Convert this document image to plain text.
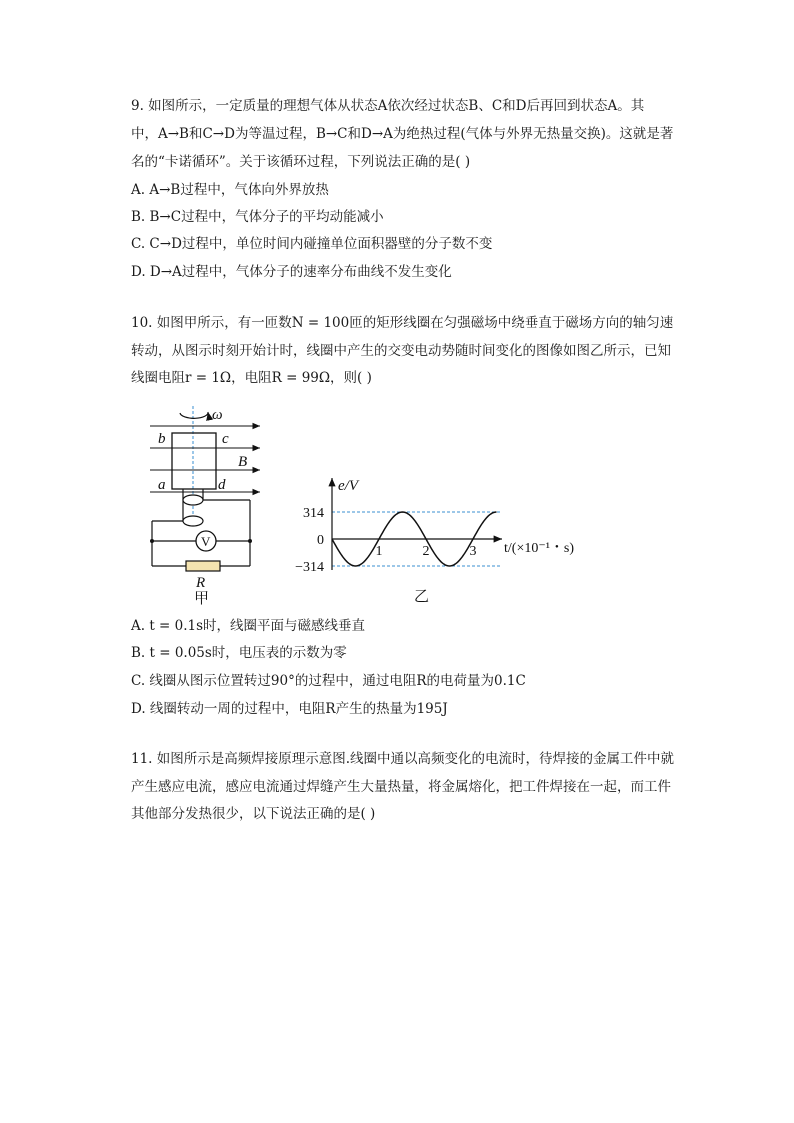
9. 如图所示，一定质量的理想气体从状态A依次经过状态B、C和D后再回到状态A。其
中，A→B和C→D为等温过程，B→C和D→A为绝热过程(气体与外界无热量交换)。这就是著
名的“卡诺循环”。关于该循环过程，下列说法正确的是( )
A. A→B过程中，气体向外界放热
B. B→C过程中，气体分子的平均动能减小
C. C→D过程中，单位时间内碰撞单位面积器壁的分子数不变
D. D→A过程中，气体分子的速率分布曲线不发生变化
10. 如图甲所示，有一匝数N = 100匝的矩形线圈在匀强磁场中绕垂直于磁场方向的轴匀速
转动，从图示时刻开始计时，线圈中产生的交变电动势随时间变化的图像如图乙所示，已知
线圈电阻r = 1Ω，电阻R = 99Ω，则( )
ω
V
b	c
B
a	d
R
甲
314
0
−314
1	2	3
e/V
t/(×10⁻¹・s)
乙
A. t = 0.1s时，线圈平面与磁感线垂直
B. t = 0.05s时，电压表的示数为零
C. 线圈从图示位置转过90°的过程中，通过电阻R的电荷量为0.1C
D. 线圈转动一周的过程中，电阻R产生的热量为195J
11. 如图所示是高频焊接原理示意图.线圈中通以高频变化的电流时，待焊接的金属工件中就
产生感应电流，感应电流通过焊缝产生大量热量，将金属熔化，把工件焊接在一起，而工件
其他部分发热很少，以下说法正确的是( )
